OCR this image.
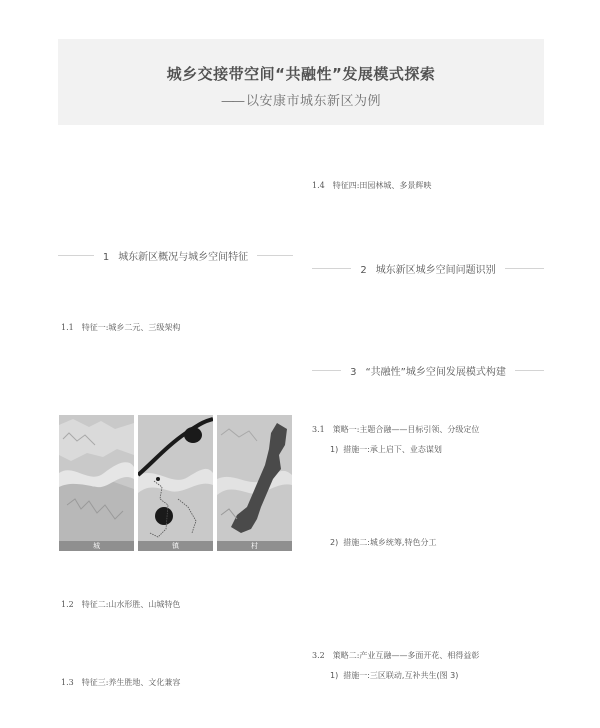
城乡交接带空间“共融性”发展模式探索
—— 以安康市城东新区为例
1 城东新区概况与城乡空间特征
1.1 特征一:城乡二元、三级架构
城	镇	村
1.2 特征二:山水形胜、山城特色
1.3 特征三:养生胜地、文化兼容
1.4 特征四:田园林城、多景辉映
2 城东新区城乡空间问题识别
3 “共融性”城乡空间发展模式构建
3.1 策略一:主题合融——目标引领、分级定位
1) 措施一:承上启下、业态谋划
2) 措施二:城乡统筹,特色分工
3.2 策略二:产业互融——多面开花、相得益彰
1) 措施一:三区联动,互补共生(图 3)
